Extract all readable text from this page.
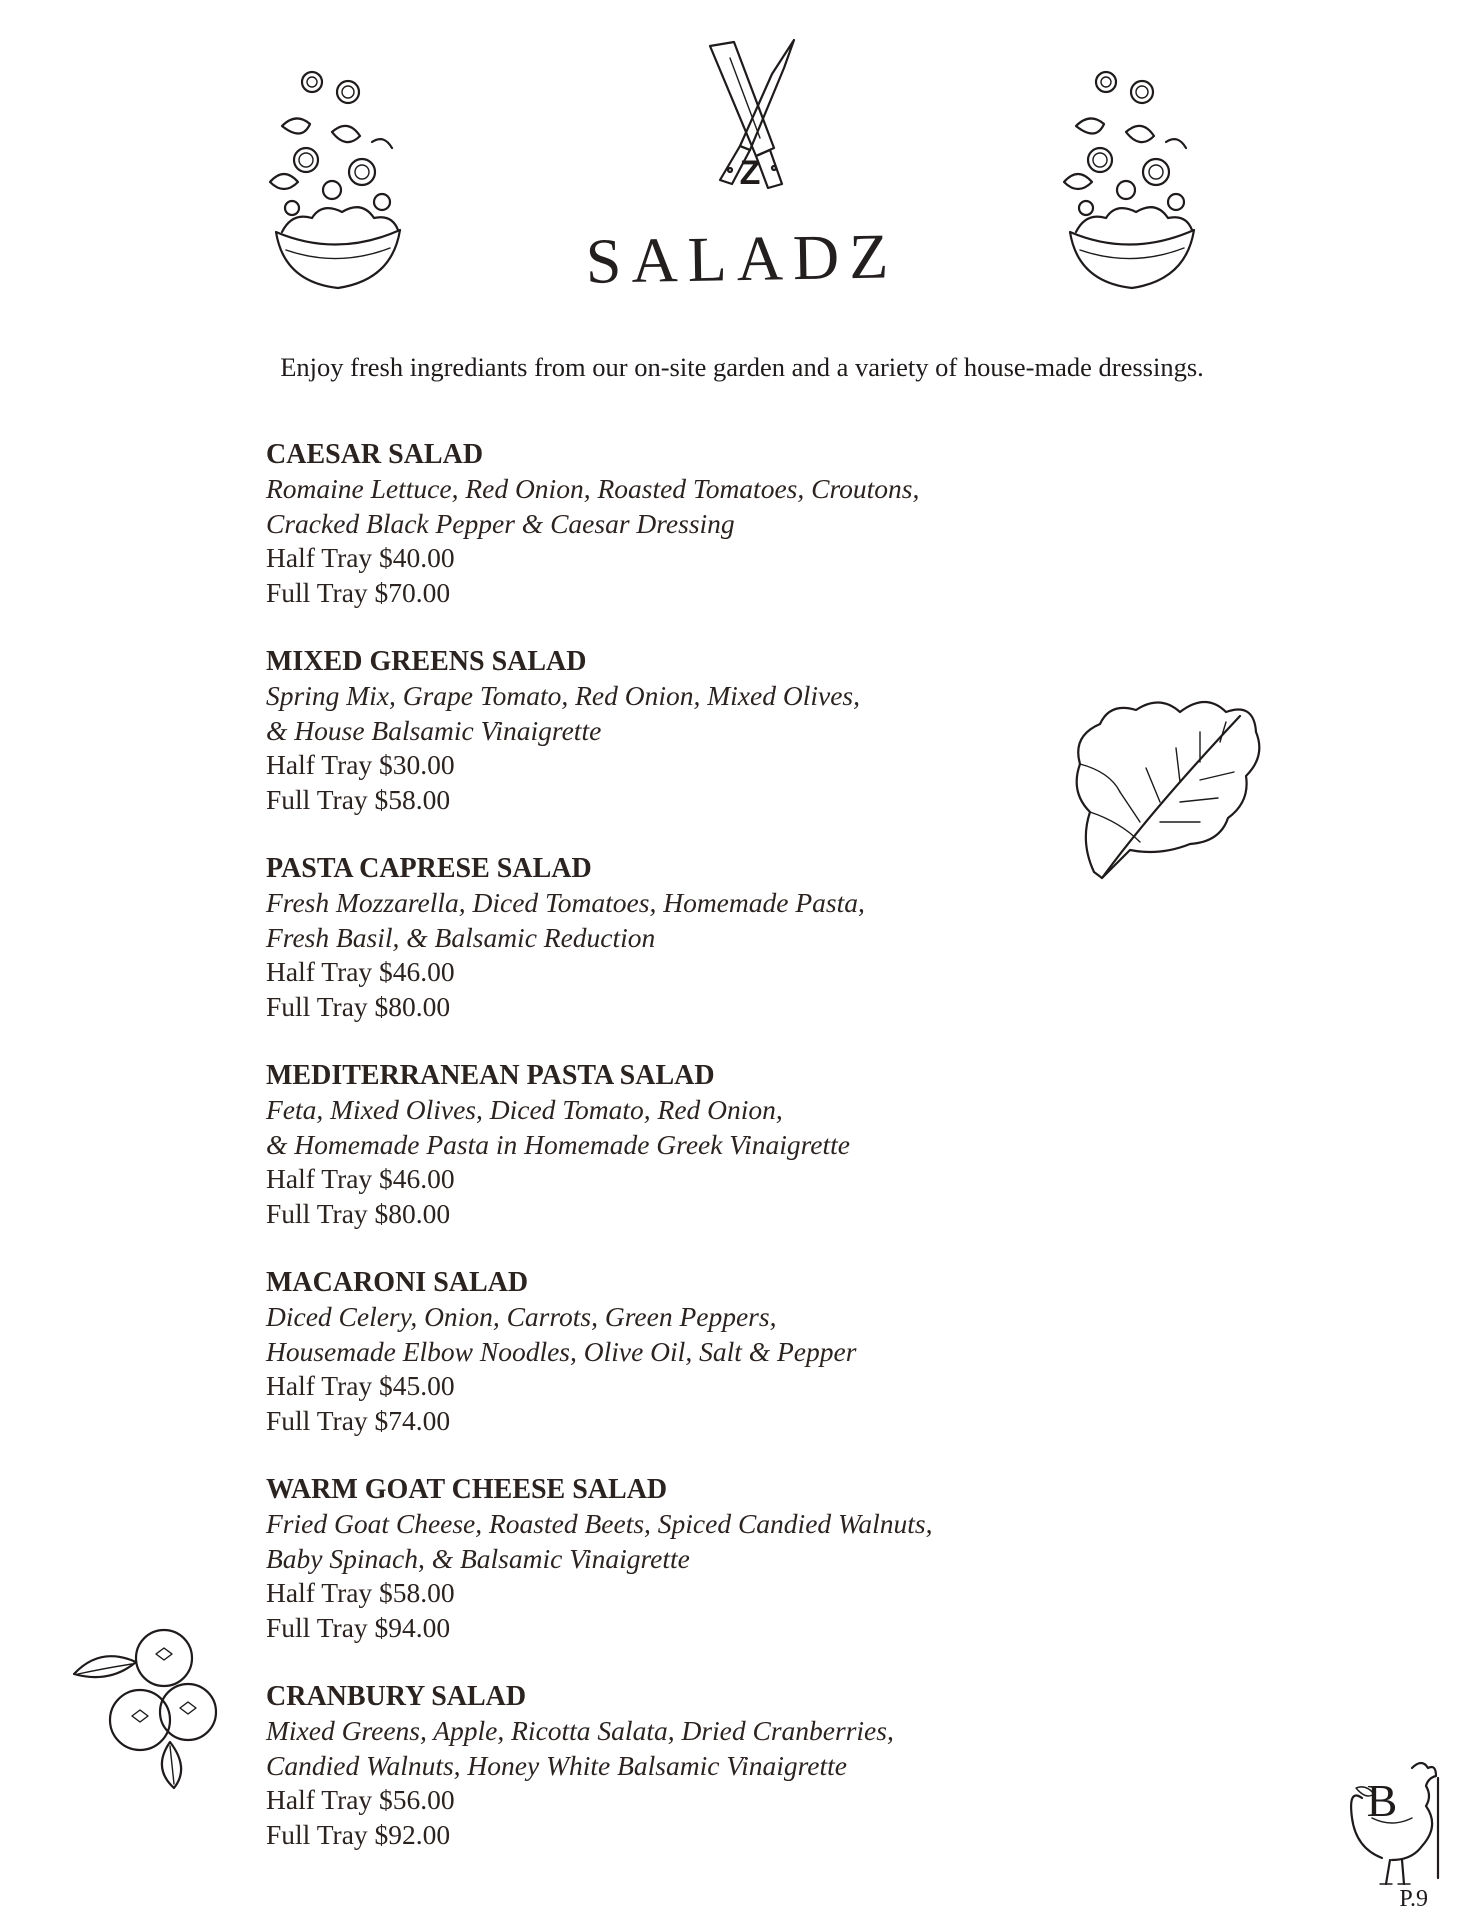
Z
SALADZ
Enjoy fresh ingrediants from our on-site garden and a variety of house-made dressings.
CAESAR SALAD
Romaine Lettuce, Red Onion, Roasted Tomatoes, Croutons,
Cracked Black Pepper & Caesar Dressing
Half Tray $40.00
Full Tray $70.00
MIXED GREENS SALAD
Spring Mix, Grape Tomato, Red Onion, Mixed Olives,
& House Balsamic Vinaigrette
Half Tray $30.00
Full Tray $58.00
PASTA CAPRESE SALAD
Fresh Mozzarella, Diced Tomatoes, Homemade Pasta,
Fresh Basil, & Balsamic Reduction
Half Tray $46.00
Full Tray $80.00
MEDITERRANEAN PASTA SALAD
Feta, Mixed Olives, Diced Tomato, Red Onion,
& Homemade Pasta in Homemade Greek Vinaigrette
Half Tray $46.00
Full Tray $80.00
MACARONI SALAD
Diced Celery, Onion, Carrots, Green Peppers,
Housemade Elbow Noodles, Olive Oil, Salt & Pepper
Half Tray $45.00
Full Tray $74.00
WARM GOAT CHEESE SALAD
Fried Goat Cheese, Roasted Beets, Spiced Candied Walnuts,
Baby Spinach, & Balsamic Vinaigrette
Half Tray $58.00
Full Tray $94.00
CRANBURY SALAD
Mixed Greens, Apple, Ricotta Salata, Dried Cranberries,
Candied Walnuts, Honey White Balsamic Vinaigrette
Half Tray $56.00
Full Tray $92.00
B
P.9
